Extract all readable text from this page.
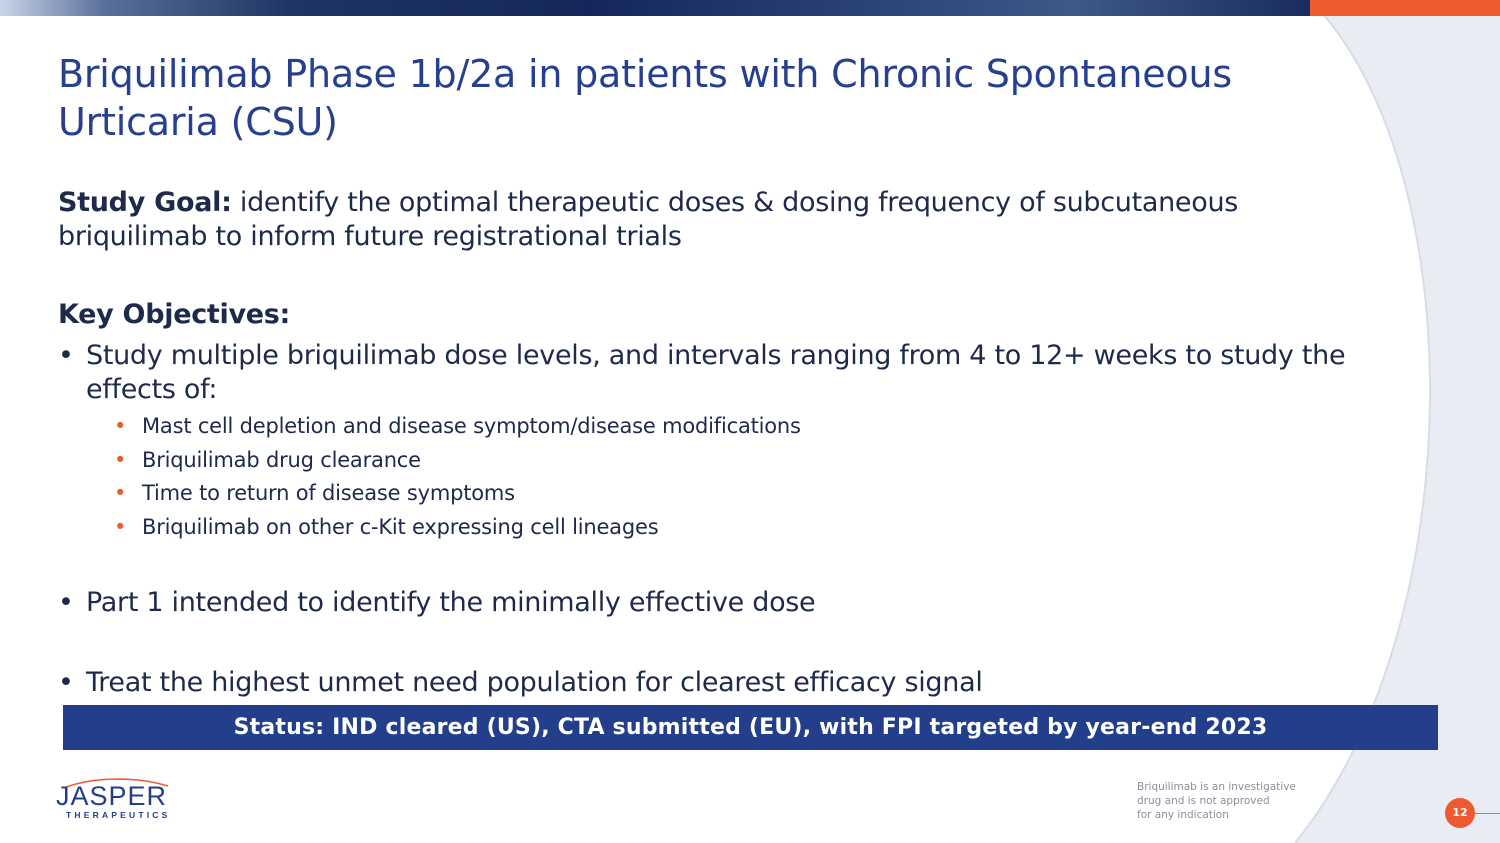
Briquilimab Phase 1b/2a in patients with Chronic Spontaneous
Urticaria (CSU)
Study Goal: identify the optimal therapeutic doses & dosing frequency of subcutaneous
briquilimab to inform future registrational trials
Key Objectives:
• Study multiple briquilimab dose levels, and intervals ranging from 4 to 12+ weeks to study the
effects of:
• Mast cell depletion and disease symptom/disease modifications
• Briquilimab drug clearance
• Time to return of disease symptoms
• Briquilimab on other c-Kit expressing cell lineages
• Part 1 intended to identify the minimally effective dose
• Treat the highest unmet need population for clearest efficacy signal
Status: IND cleared (US), CTA submitted (EU), with FPI targeted by year-end 2023
JASPER
THERAPEUTICS
Briquilimab is an investigative
drug and is not approved
for any indication	12
